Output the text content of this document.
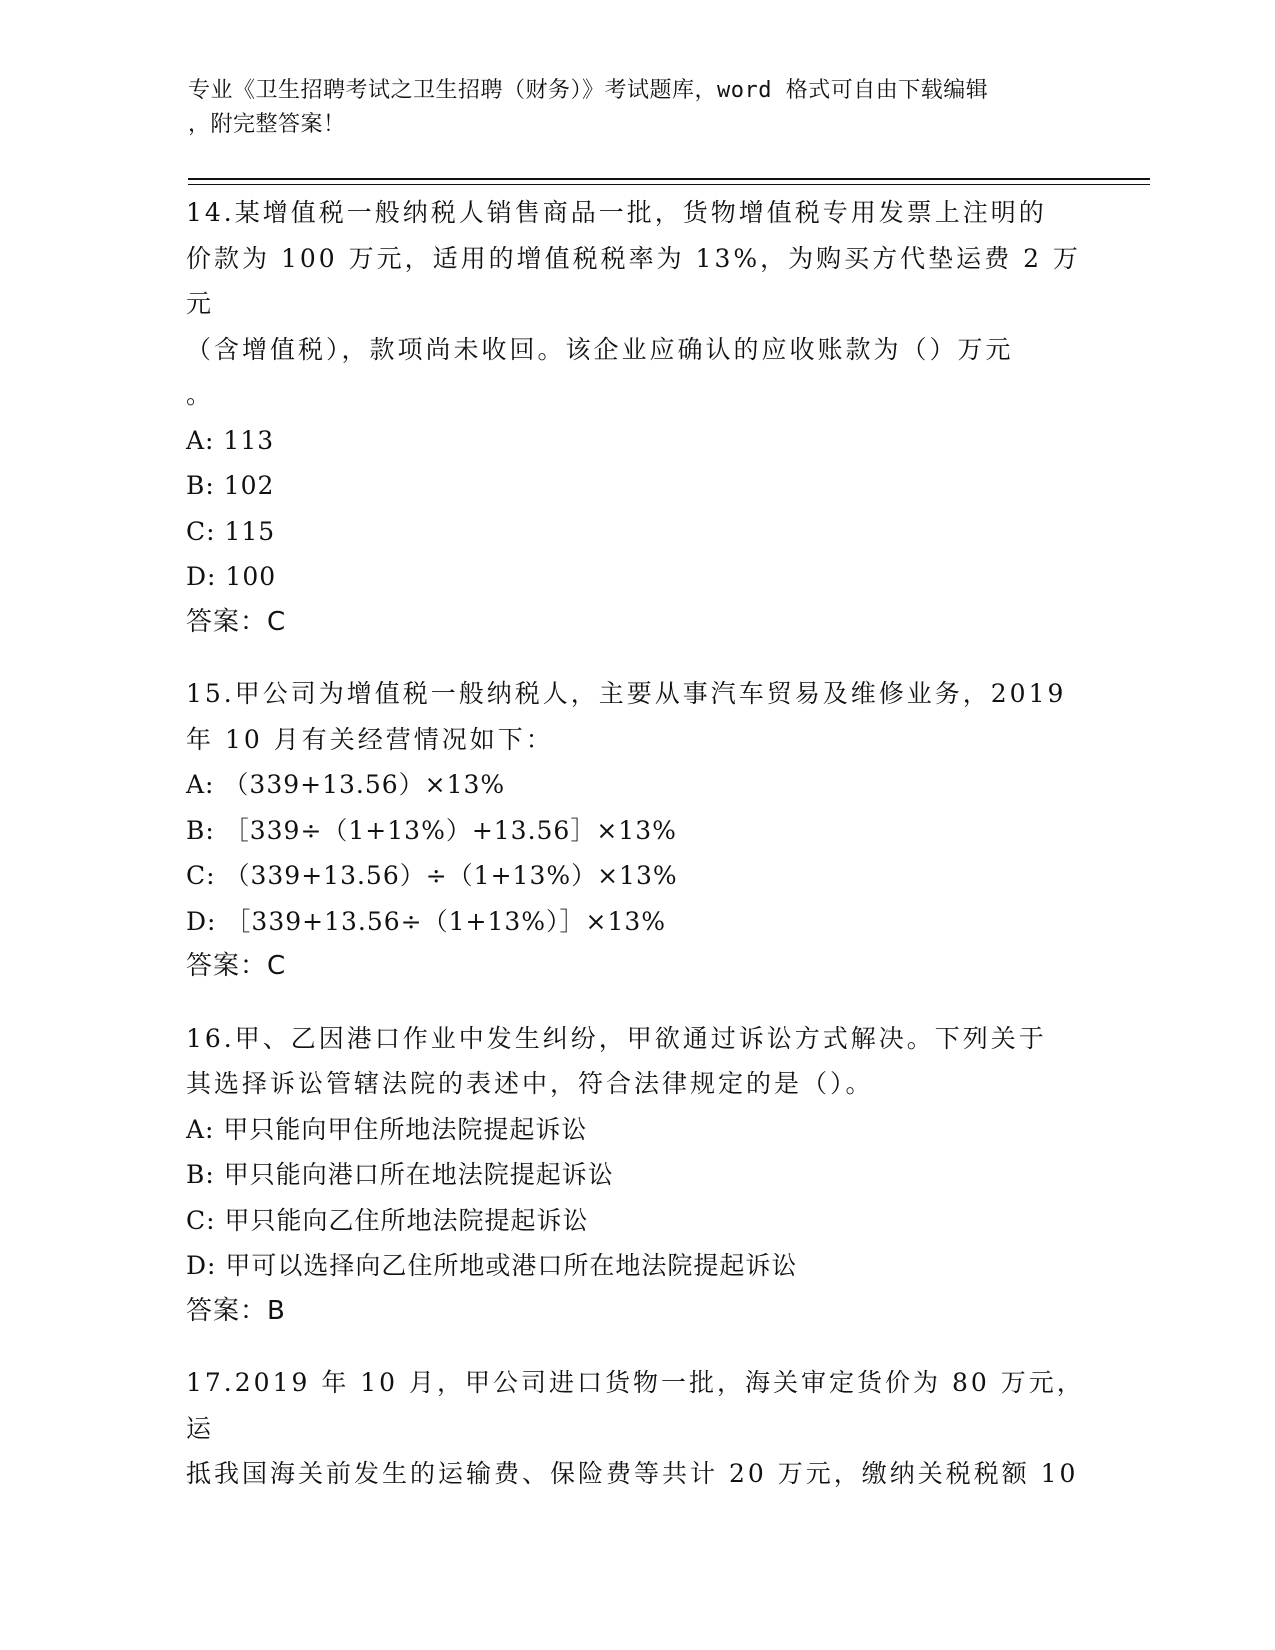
专业《卫生招聘考试之卫生招聘（财务）》考试题库，word 格式可自由下载编辑
，附完整答案！
14.某增值税一般纳税人销售商品一批，货物增值税专用发票上注明的
价款为 100 万元，适用的增值税税率为 13%，为购买方代垫运费 2 万元
（含增值税），款项尚未收回。该企业应确认的应收账款为（）万元
。
A: 113
B: 102
C: 115
D: 100
答案：C
15.甲公司为增值税一般纳税人，主要从事汽车贸易及维修业务，2019
年 10 月有关经营情况如下：
A: （339+13.56）×13%
B: ［339÷（1+13%）+13.56］×13%
C: （339+13.56）÷（1+13%）×13%
D: ［339+13.56÷（1+13%）］×13%
答案：C
16.甲、乙因港口作业中发生纠纷，甲欲通过诉讼方式解决。下列关于
其选择诉讼管辖法院的表述中，符合法律规定的是（）。
A: 甲只能向甲住所地法院提起诉讼
B: 甲只能向港口所在地法院提起诉讼
C: 甲只能向乙住所地法院提起诉讼
D: 甲可以选择向乙住所地或港口所在地法院提起诉讼
答案：B
17.2019 年 10 月，甲公司进口货物一批，海关审定货价为 80 万元，运
抵我国海关前发生的运输费、保险费等共计 20 万元，缴纳关税税额 10
